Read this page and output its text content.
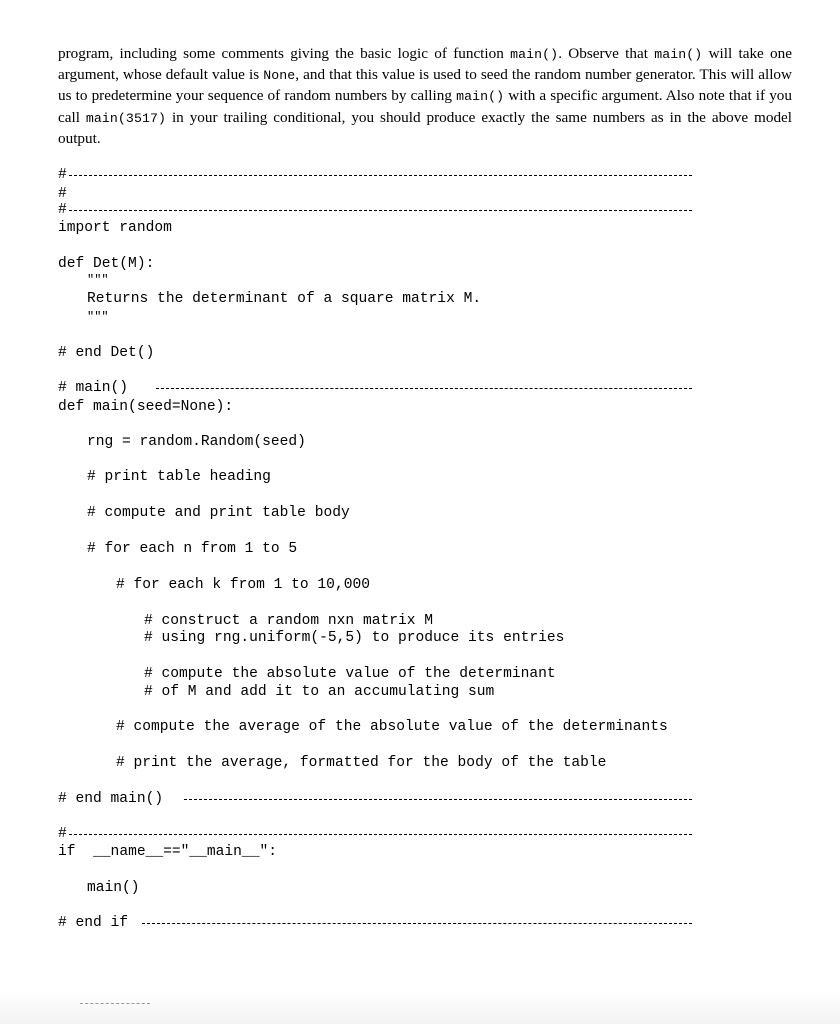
program, including some comments giving the basic logic of function main(). Observe that main() will take one argument, whose default value is None, and that this value is used to seed the random number generator. This will allow us to predetermine your sequence of random numbers by calling main() with a specific argument. Also note that if you call main(3517) in your trailing conditional, you should produce exactly the same numbers as in the above model output.
#
#
#
import random
def Det(M):
"""
Returns the determinant of a square matrix M.
"""
# end Det()
# main()
def main(seed=None):
rng = random.Random(seed)
# print table heading
# compute and print table body
# for each n from 1 to 5
# for each k from 1 to 10,000
# construct a random nxn matrix M
# using rng.uniform(-5,5) to produce its entries
# compute the absolute value of the determinant
# of M and add it to an accumulating sum
# compute the average of the absolute value of the determinants
# print the average, formatted for the body of the table
# end main()
#
if  __name__=="__main__":
main()
# end if
